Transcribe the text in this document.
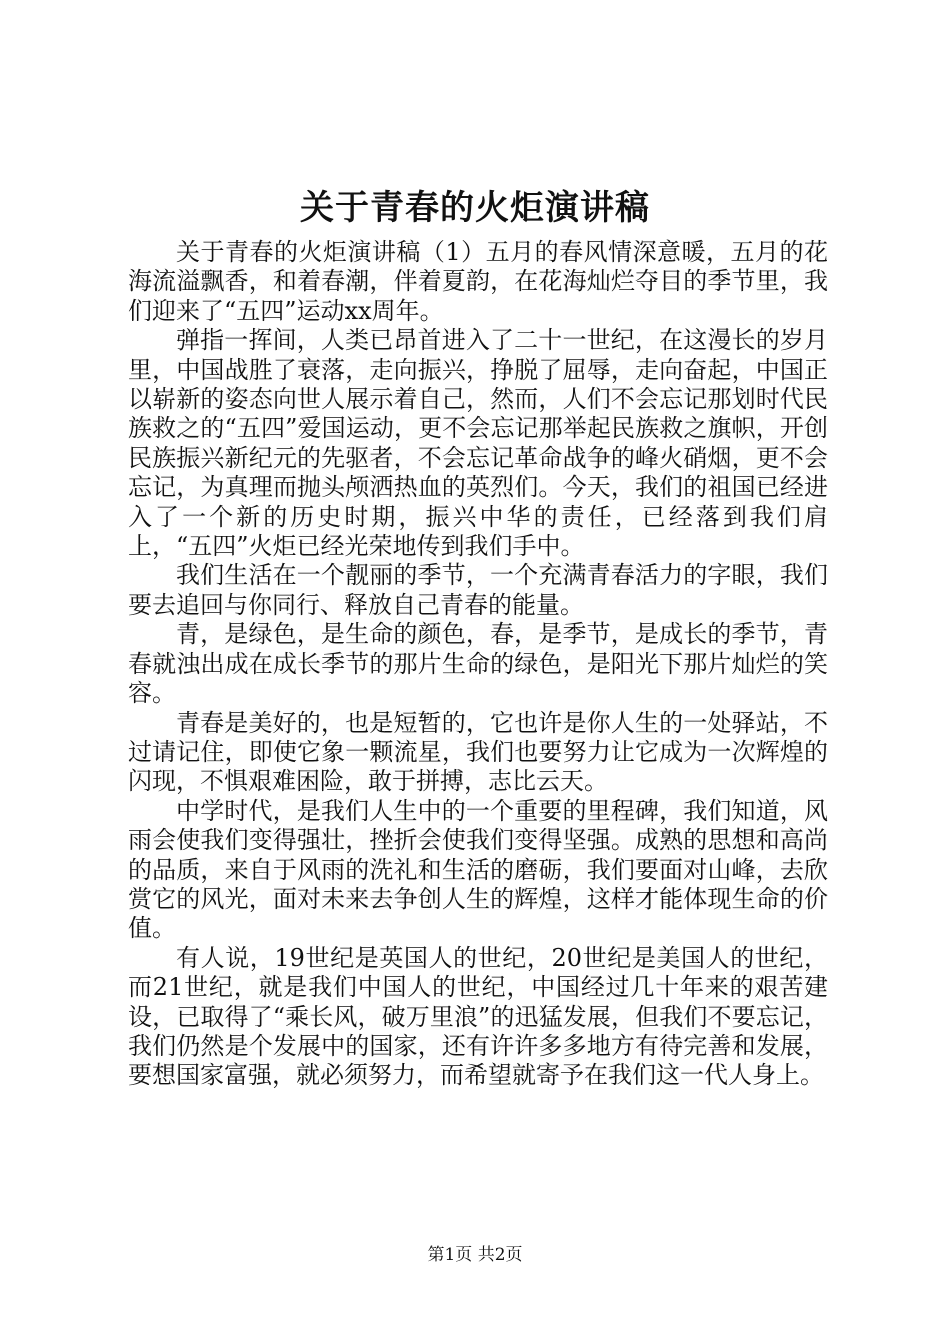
关于青春的火炬演讲稿

关于青春的火炬演讲稿（1）五月的春风情深意暖，五月的花海流溢飘香，和着春潮，伴着夏韵，在花海灿烂夺目的季节里，我们迎来了“五四”运动xx周年。

弹指一挥间，人类已昂首进入了二十一世纪，在这漫长的岁月里，中国战胜了衰落，走向振兴，挣脱了屈辱，走向奋起，中国正以崭新的姿态向世人展示着自己，然而，人们不会忘记那划时代民族救之的“五四”爱国运动，更不会忘记那举起民族救之旗帜，开创民族振兴新纪元的先驱者，不会忘记革命战争的峰火硝烟，更不会忘记，为真理而抛头颅洒热血的英烈们。今天，我们的祖国已经进入了一个新的历史时期，振兴中华的责任，已经落到我们肩上，“五四”火炬已经光荣地传到我们手中。

我们生活在一个靓丽的季节，一个充满青春活力的字眼，我们要去追回与你同行、释放自己青春的能量。

青，是绿色，是生命的颜色，春，是季节，是成长的季节，青春就浊出成在成长季节的那片生命的绿色，是阳光下那片灿烂的笑容。

青春是美好的，也是短暂的，它也许是你人生的一处驿站，不过请记住，即使它象一颗流星，我们也要努力让它成为一次辉煌的闪现，不惧艰难困险，敢于拼搏，志比云天。

中学时代，是我们人生中的一个重要的里程碑，我们知道，风雨会使我们变得强壮，挫折会使我们变得坚强。成熟的思想和高尚的品质，来自于风雨的洗礼和生活的磨砺，我们要面对山峰，去欣赏它的风光，面对未来去争创人生的辉煌，这样才能体现生命的价值。

有人说，19世纪是英国人的世纪，20世纪是美国人的世纪，而21世纪，就是我们中国人的世纪，中国经过几十年来的艰苦建设，已取得了“乘长风，破万里浪”的迅猛发展，但我们不要忘记，我们仍然是个发展中的国家，还有许许多多地方有待完善和发展，要想国家富强，就必须努力，而希望就寄予在我们这一代人身上。

第1页 共2页
